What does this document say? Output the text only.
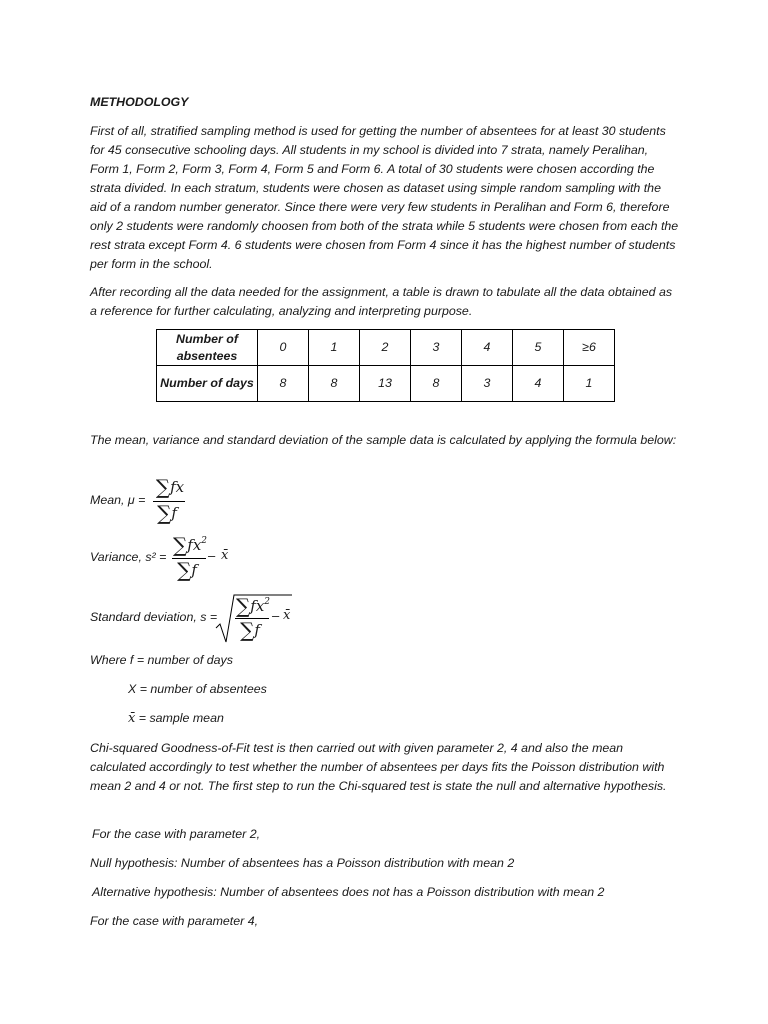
METHODOLOGY

First of all, stratified sampling method is used for getting the number of absentees for at least 30 students for 45 consecutive schooling days. All students in my school is divided into 7 strata, namely Peralihan, Form 1, Form 2, Form 3, Form 4, Form 5 and Form 6. A total of 30 students were chosen according the strata divided. In each stratum, students were chosen as dataset using simple random sampling with the aid of a random number generator. Since there were very few students in Peralihan and Form 6, therefore only 2 students were randomly choosen from both of the strata while 5 students were chosen from each the rest strata except Form 4. 6 students were chosen from Form 4 since it has the highest number of students per form in the school.

After recording all the data needed for the assignment, a table is drawn to tabulate all the data obtained as a reference for further calculating, analyzing and interpreting purpose.

Number of absentees	0	1	2	3	4	5	≥6
Number of days	8	8	13	8	3	4	1

The mean, variance and standard deviation of the sample data is calculated by applying the formula below:

Mean, μ =
∑fx
∑f
Variance, $s^2 = \sum fx^2$
∑f
– x̄
Standard deviation, $s = \sum fx^2$
∑f
– x̄
Where f = number of days
X = number of absentees
x̄ = sample mean

Chi-squared Goodness-of-Fit test is then carried out with given parameter 2, 4 and also the mean calculated accordingly to test whether the number of absentees per days fits the Poisson distribution with mean 2 and 4 or not. The first step to run the Chi-squared test is state the null and alternative hypothesis.

For the case with parameter 2,

Null hypothesis: Number of absentees has a Poisson distribution with mean 2

Alternative hypothesis: Number of absentees does not has a Poisson distribution with mean 2

For the case with parameter 4,
